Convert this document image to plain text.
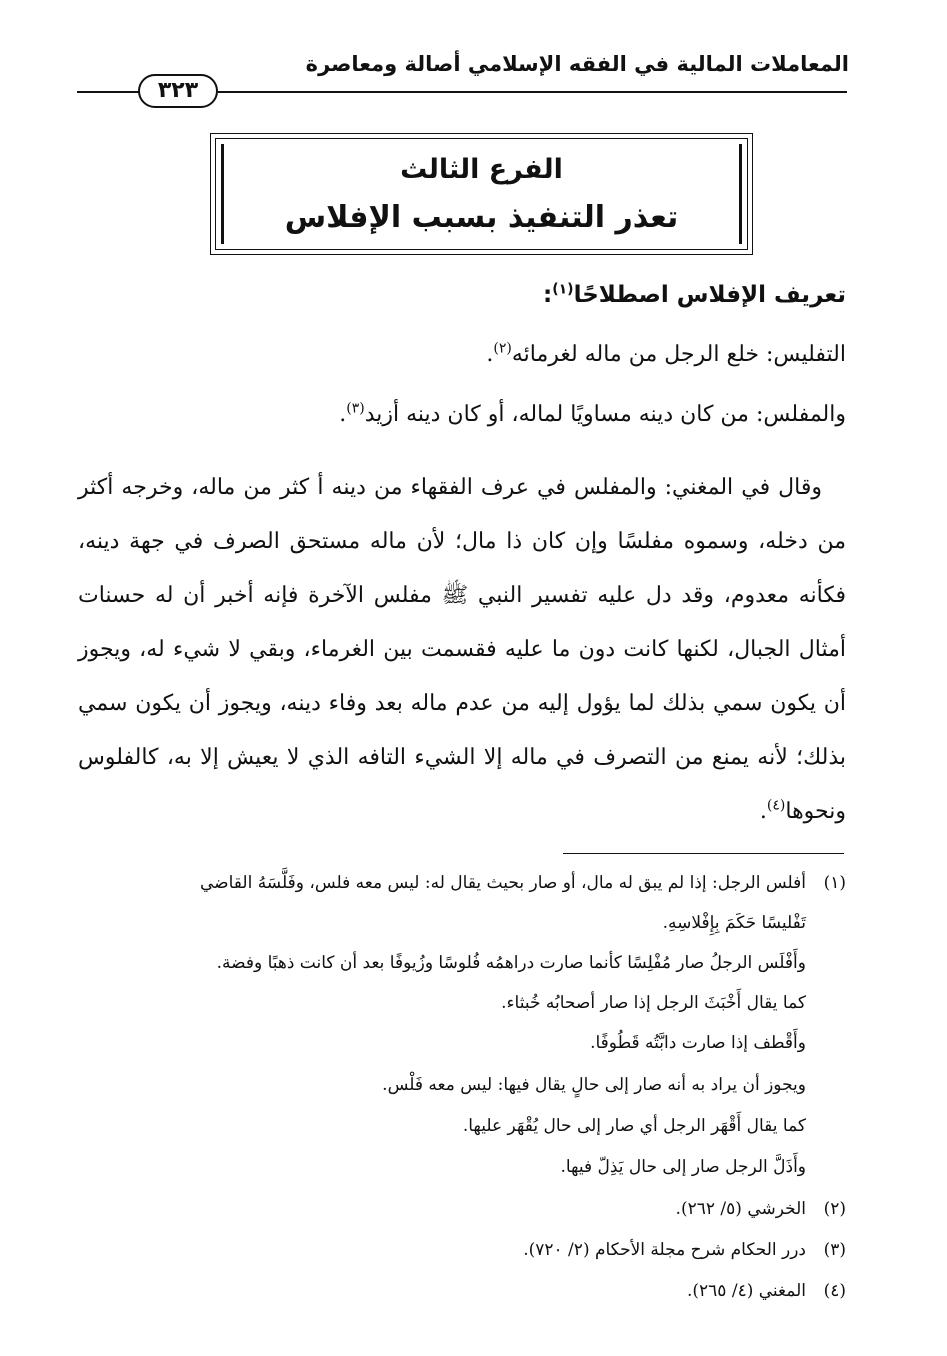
المعاملات المالية في الفقه الإسلامي أصالة ومعاصرة
٣٢٣
الفرع الثالث
تعذر التنفيذ بسبب الإفلاس
تعريف الإفلاس اصطلاحًا$^{(١)}$:
التفليس: خلع الرجل من ماله لغرمائه$^{(٢)}$.
والمفلس: من كان دينه مساويًا لماله، أو كان دينه أزيد$^{(٣)}$.
وقال في المغني: والمفلس في عرف الفقهاء من دينه أ كثر من ماله، وخرجه أكثر من دخله، وسموه مفلسًا وإن كان ذا مال؛ لأن ماله مستحق الصرف في جهة دينه، فكأنه معدوم، وقد دل عليه تفسير النبي ﷺ مفلس الآخرة فإنه أخبر أن له حسنات أمثال الجبال، لكنها كانت دون ما عليه فقسمت بين الغرماء، وبقي لا شيء له، ويجوز أن يكون سمي بذلك لما يؤول إليه من عدم ماله بعد وفاء دينه، ويجوز أن يكون سمي بذلك؛ لأنه يمنع من التصرف في ماله إلا الشيء التافه الذي لا يعيش إلا به، كالفلوس ونحوها$^{(٤)}$.
(١)أفلس الرجل: إذا لم يبق له مال، أو صار بحيث يقال له: ليس معه فلس، وفَلَّسَهُ القاضي
تَفْليسًا حَكَمَ بِإِفْلاسِهِ.
وأَفْلَس الرجلُ صار مُفْلِسًا كأنما صارت دراهمُه فُلوسًا وزُيوفًا بعد أن كانت ذهبًا وفضة.
كما يقال أَخْبَثَ الرجل إذا صار أصحابُه خُبثاء.
وأَقْطف إذا صارت دابَّتُه قَطُوفًا.
ويجوز أن يراد به أنه صار إلى حالٍ يقال فيها: ليس معه فَلْس.
كما يقال أَقْهَر الرجل أي صار إلى حال يُقْهَر عليها.
وأَذَلَّ الرجل صار إلى حال يَذِلّ فيها.
(٢)الخرشي (٥/ ٢٦٢).
(٣)درر الحكام شرح مجلة الأحكام (٢/ ٧٢٠).
(٤)المغني (٤/ ٢٦٥).
